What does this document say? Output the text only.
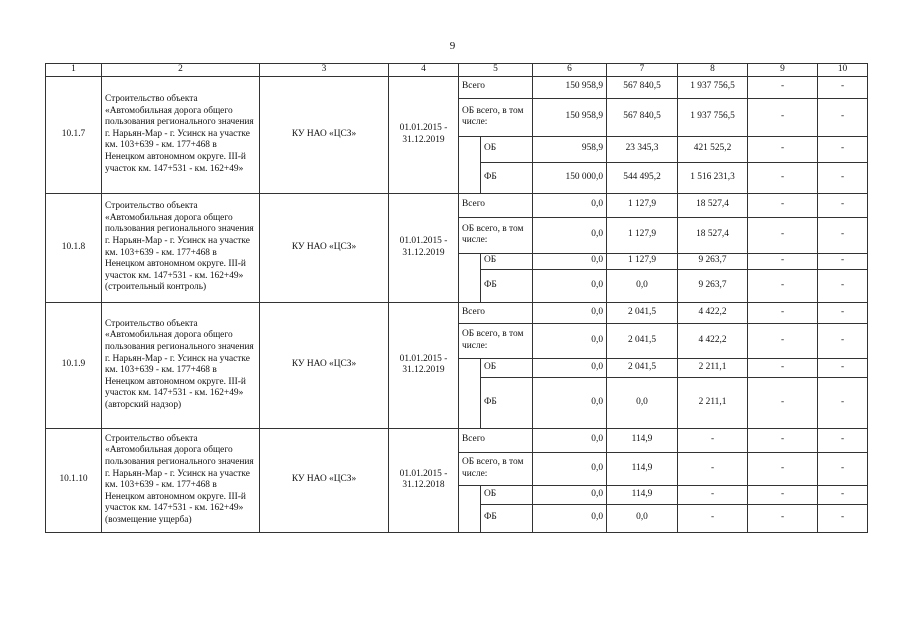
9
1	2	3	4	5		6	7	8	9	10
10.1.7	Строительство объекта «Автомобильная дорога общего пользования регионального значения г. Нарьян-Мар - г. Усинск на участке км. 103+639 - км. 177+468 в Ненецком автономном округе. III-й участок км. 147+531 - км. 162+49»	КУ НАО «ЦСЗ»	01.01.2015 - 31.12.2019	Всего		150 958,9	567 840,5	1 937 756,5	-	-
				ОБ всего, в том числе:		150 958,9	567 840,5	1 937 756,5	-	-
					ОБ	958,9	23 345,3	421 525,2	-	-
					ФБ	150 000,0	544 495,2	1 516 231,3	-	-
10.1.8	Строительство объекта «Автомобильная дорога общего пользования регионального значения г. Нарьян-Мар - г. Усинск на участке км. 103+639 - км. 177+468 в Ненецком автономном округе. III-й участок км. 147+531 - км. 162+49» (строительный контроль)	КУ НАО «ЦСЗ»	01.01.2015 - 31.12.2019	Всего		0,0	1 127,9	18 527,4	-	-
				ОБ всего, в том числе:		0,0	1 127,9	18 527,4	-	-
					ОБ	0,0	1 127,9	9 263,7	-	-
					ФБ	0,0	0,0	9 263,7	-	-
10.1.9	Строительство объекта «Автомобильная дорога общего пользования регионального значения г. Нарьян-Мар - г. Усинск на участке км. 103+639 - км. 177+468 в Ненецком автономном округе. III-й участок км. 147+531 - км. 162+49» (авторский надзор)	КУ НАО «ЦСЗ»	01.01.2015 - 31.12.2019	Всего		0,0	2 041,5	4 422,2	-	-
				ОБ всего, в том числе:		0,0	2 041,5	4 422,2	-	-
					ОБ	0,0	2 041,5	2 211,1	-	-
					ФБ	0,0	0,0	2 211,1	-	-
10.1.10	Строительство объекта «Автомобильная дорога общего пользования регионального значения г. Нарьян-Мар - г. Усинск на участке км. 103+639 - км. 177+468 в Ненецком автономном округе. III-й участок км. 147+531 - км. 162+49» (возмещение ущерба)	КУ НАО «ЦСЗ»	01.01.2015 - 31.12.2018	Всего		0,0	114,9	-	-	-
				ОБ всего, в том числе:		0,0	114,9	-	-	-
					ОБ	0,0	114,9	-	-	-
					ФБ	0,0	0,0	-	-	-
